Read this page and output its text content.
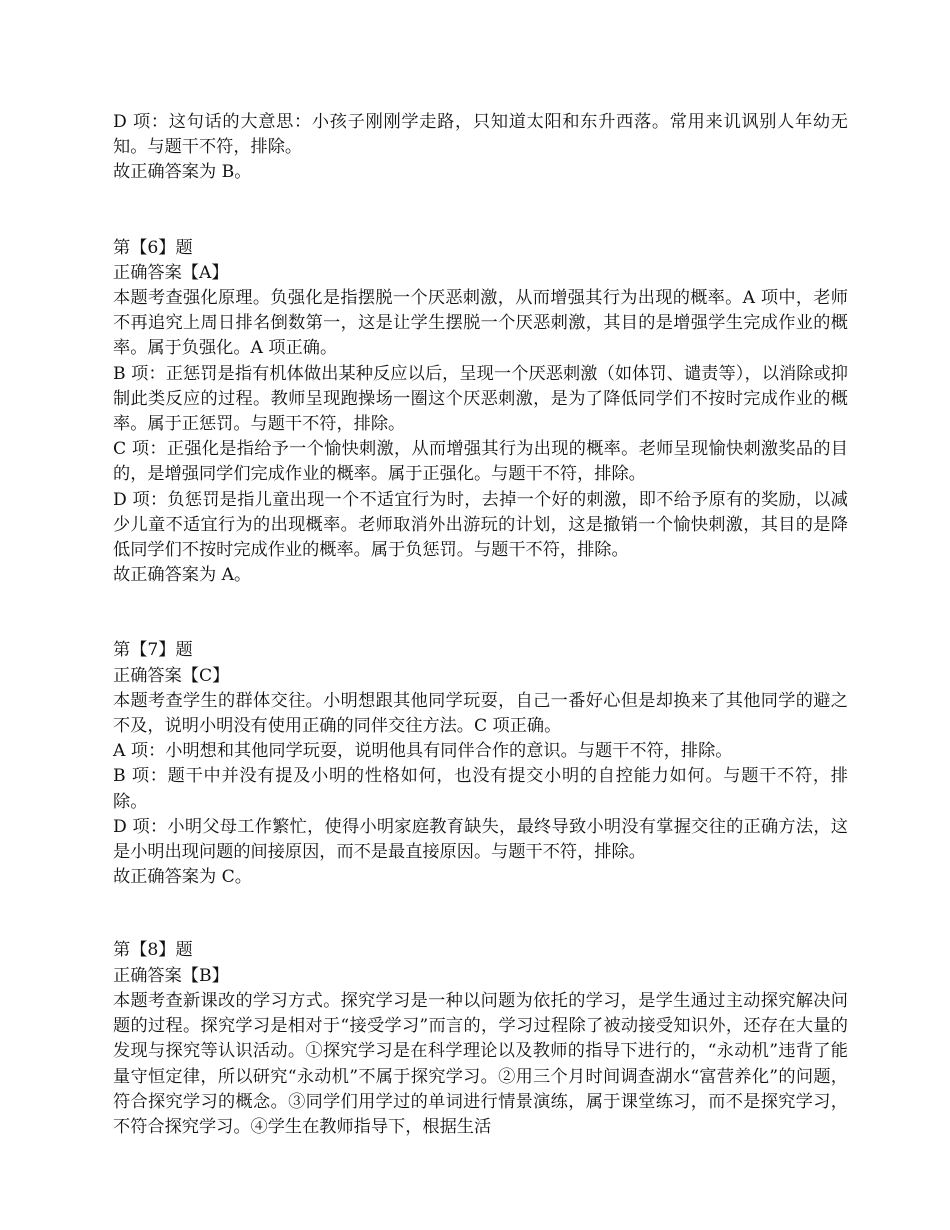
D 项：这句话的大意思：小孩子刚刚学走路，只知道太阳和东升西落。常用来讥讽别人年幼无知。与题干不符，排除。

故正确答案为 B。

第【6】题

正确答案【A】

本题考查强化原理。负强化是指摆脱一个厌恶刺激，从而增强其行为出现的概率。A 项中，老师不再追究上周日排名倒数第一，这是让学生摆脱一个厌恶刺激，其目的是增强学生完成作业的概率。属于负强化。A 项正确。

B 项：正惩罚是指有机体做出某种反应以后，呈现一个厌恶刺激（如体罚、谴责等），以消除或抑制此类反应的过程。教师呈现跑操场一圈这个厌恶刺激，是为了降低同学们不按时完成作业的概率。属于正惩罚。与题干不符，排除。

C 项：正强化是指给予一个愉快刺激，从而增强其行为出现的概率。老师呈现愉快刺激奖品的目的，是增强同学们完成作业的概率。属于正强化。与题干不符，排除。

D 项：负惩罚是指儿童出现一个不适宜行为时，去掉一个好的刺激，即不给予原有的奖励，以减少儿童不适宜行为的出现概率。老师取消外出游玩的计划，这是撤销一个愉快刺激，其目的是降低同学们不按时完成作业的概率。属于负惩罚。与题干不符，排除。

故正确答案为 A。

第【7】题

正确答案【C】

本题考查学生的群体交往。小明想跟其他同学玩耍，自己一番好心但是却换来了其他同学的避之不及，说明小明没有使用正确的同伴交往方法。C 项正确。

A 项：小明想和其他同学玩耍，说明他具有同伴合作的意识。与题干不符，排除。

B 项：题干中并没有提及小明的性格如何，也没有提交小明的自控能力如何。与题干不符，排除。

D 项：小明父母工作繁忙，使得小明家庭教育缺失，最终导致小明没有掌握交往的正确方法，这是小明出现问题的间接原因，而不是最直接原因。与题干不符，排除。

故正确答案为 C。

第【8】题

正确答案【B】

本题考查新课改的学习方式。探究学习是一种以问题为依托的学习，是学生通过主动探究解决问题的过程。探究学习是相对于“接受学习”而言的，学习过程除了被动接受知识外，还存在大量的发现与探究等认识活动。①探究学习是在科学理论以及教师的指导下进行的，“永动机”违背了能量守恒定律，所以研究“永动机”不属于探究学习。②用三个月时间调查湖水“富营养化”的问题，符合探究学习的概念。③同学们用学过的单词进行情景演练，属于课堂练习，而不是探究学习，不符合探究学习。④学生在教师指导下，根据生活
